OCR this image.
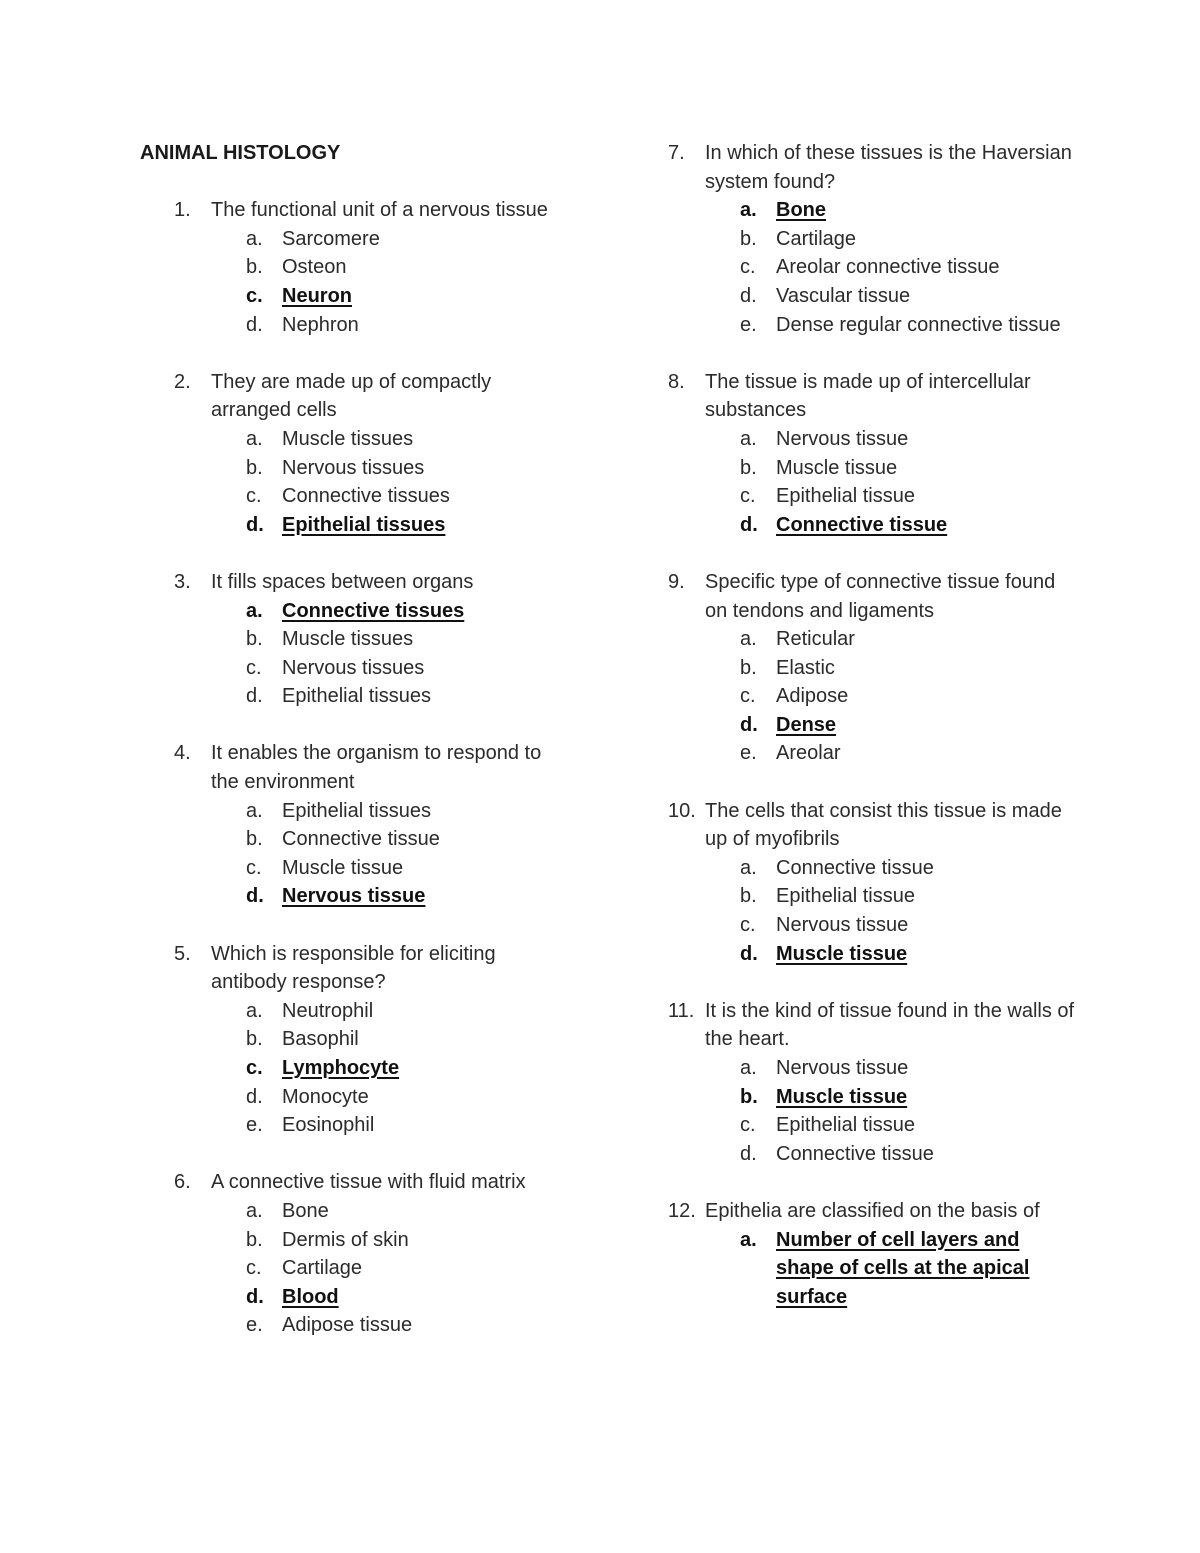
ANIMAL HISTOLOGY
1.	The functional unit of a nervous tissue
a. Sarcomere
b. Osteon
c. Neuron
d. Nephron
2.	They are made up of compactly arranged cells
a. Muscle tissues
b. Nervous tissues
c.	Connective tissues
d. Epithelial tissues
3.	It fills spaces between organs
a. Connective tissues
b. Muscle tissues
c.	Nervous tissues
d. Epithelial tissues
4.	It enables the organism to respond to the environment
a. Epithelial tissues
b. Connective tissue
c.	Muscle tissue
d. Nervous tissue
5.	Which is responsible for eliciting antibody response?
a. Neutrophil
b. Basophil
c. Lymphocyte
d. Monocyte
e. Eosinophil
6.	A connective tissue with fluid matrix
a. Bone
b. Dermis of skin
c.	Cartilage
d. Blood
e. Adipose tissue
7.	In which of these tissues is the Haversian system found?
a. Bone
b. Cartilage
c.	Areolar connective tissue
d. Vascular tissue
e. Dense regular connective tissue
8.	The tissue is made up of intercellular substances
a. Nervous tissue
b. Muscle tissue
c.	Epithelial tissue
d. Connective tissue
9.	Specific type of connective tissue found on tendons and ligaments
a. Reticular
b. Elastic
c.	Adipose
d. Dense
e. Areolar
10. The cells that consist this tissue is made up of myofibrils
a. Connective tissue
b. Epithelial tissue
c.	Nervous tissue
d. Muscle tissue
11. It is the kind of tissue found in the walls of the heart.
a. Nervous tissue
b. Muscle tissue
c.	Epithelial tissue
d. Connective tissue
12. Epithelia are classified on the basis of
a. Number of cell layers and shape of cells at the apical surface
